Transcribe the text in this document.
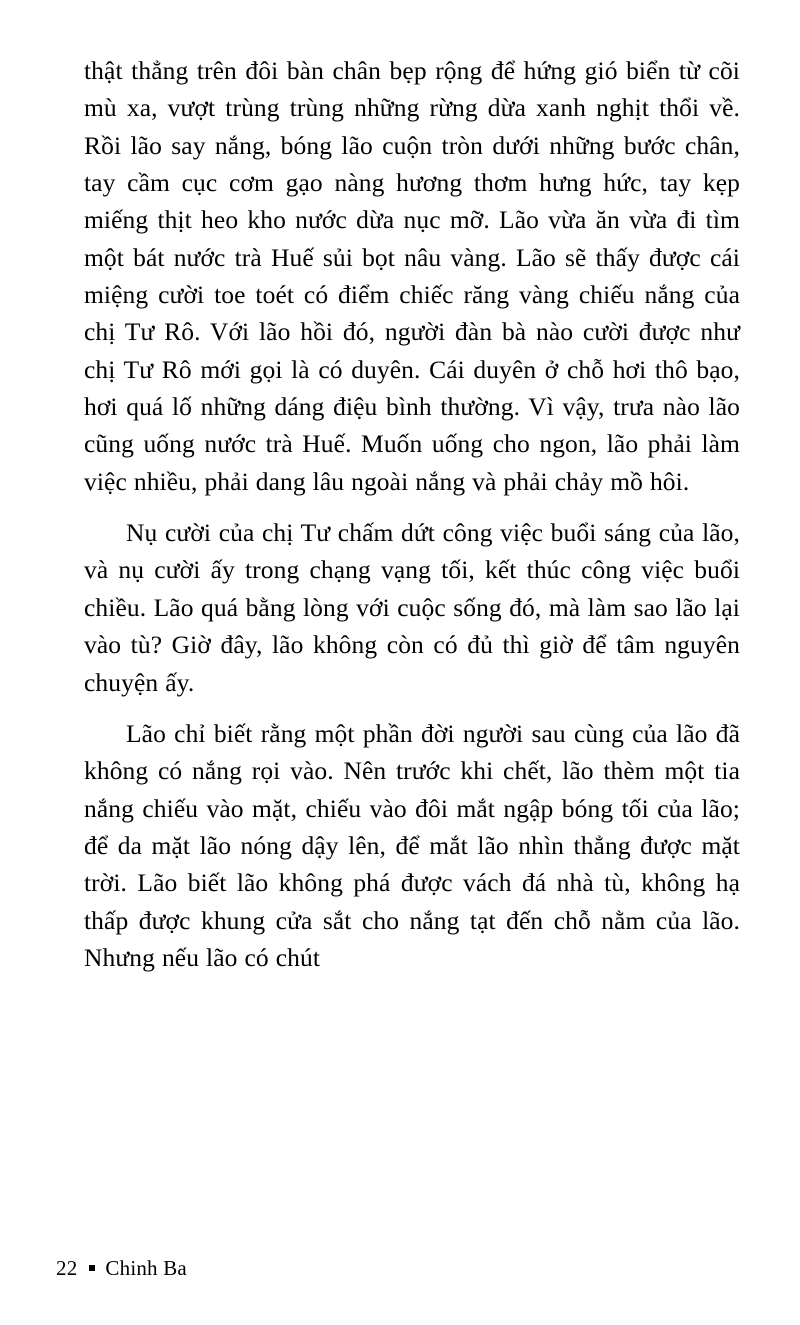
thật thẳng trên đôi bàn chân bẹp rộng để hứng gió biển từ cõi mù xa, vượt trùng trùng những rừng dừa xanh nghịt thổi về. Rồi lão say nắng, bóng lão cuộn tròn dưới những bước chân, tay cầm cục cơm gạo nàng hương thơm hưng hức, tay kẹp miếng thịt heo kho nước dừa nục mỡ. Lão vừa ăn vừa đi tìm một bát nước trà Huế sủi bọt nâu vàng. Lão sẽ thấy được cái miệng cười toe toét có điểm chiếc răng vàng chiếu nắng của chị Tư Rô. Với lão hồi đó, người đàn bà nào cười được như chị Tư Rô mới gọi là có duyên. Cái duyên ở chỗ hơi thô bạo, hơi quá lố những dáng điệu bình thường. Vì vậy, trưa nào lão cũng uống nước trà Huế. Muốn uống cho ngon, lão phải làm việc nhiều, phải dang lâu ngoài nắng và phải chảy mồ hôi.

Nụ cười của chị Tư chấm dứt công việc buổi sáng của lão, và nụ cười ấy trong chạng vạng tối, kết thúc công việc buổi chiều. Lão quá bằng lòng với cuộc sống đó, mà làm sao lão lại vào tù? Giờ đây, lão không còn có đủ thì giờ để tâm nguyên chuyện ấy.

Lão chỉ biết rằng một phần đời người sau cùng của lão đã không có nắng rọi vào. Nên trước khi chết, lão thèm một tia nắng chiếu vào mặt, chiếu vào đôi mắt ngập bóng tối của lão; để da mặt lão nóng dậy lên, để mắt lão nhìn thẳng được mặt trời. Lão biết lão không phá được vách đá nhà tù, không hạ thấp được khung cửa sắt cho nắng tạt đến chỗ nằm của lão. Nhưng nếu lão có chút

22 Chinh Ba
